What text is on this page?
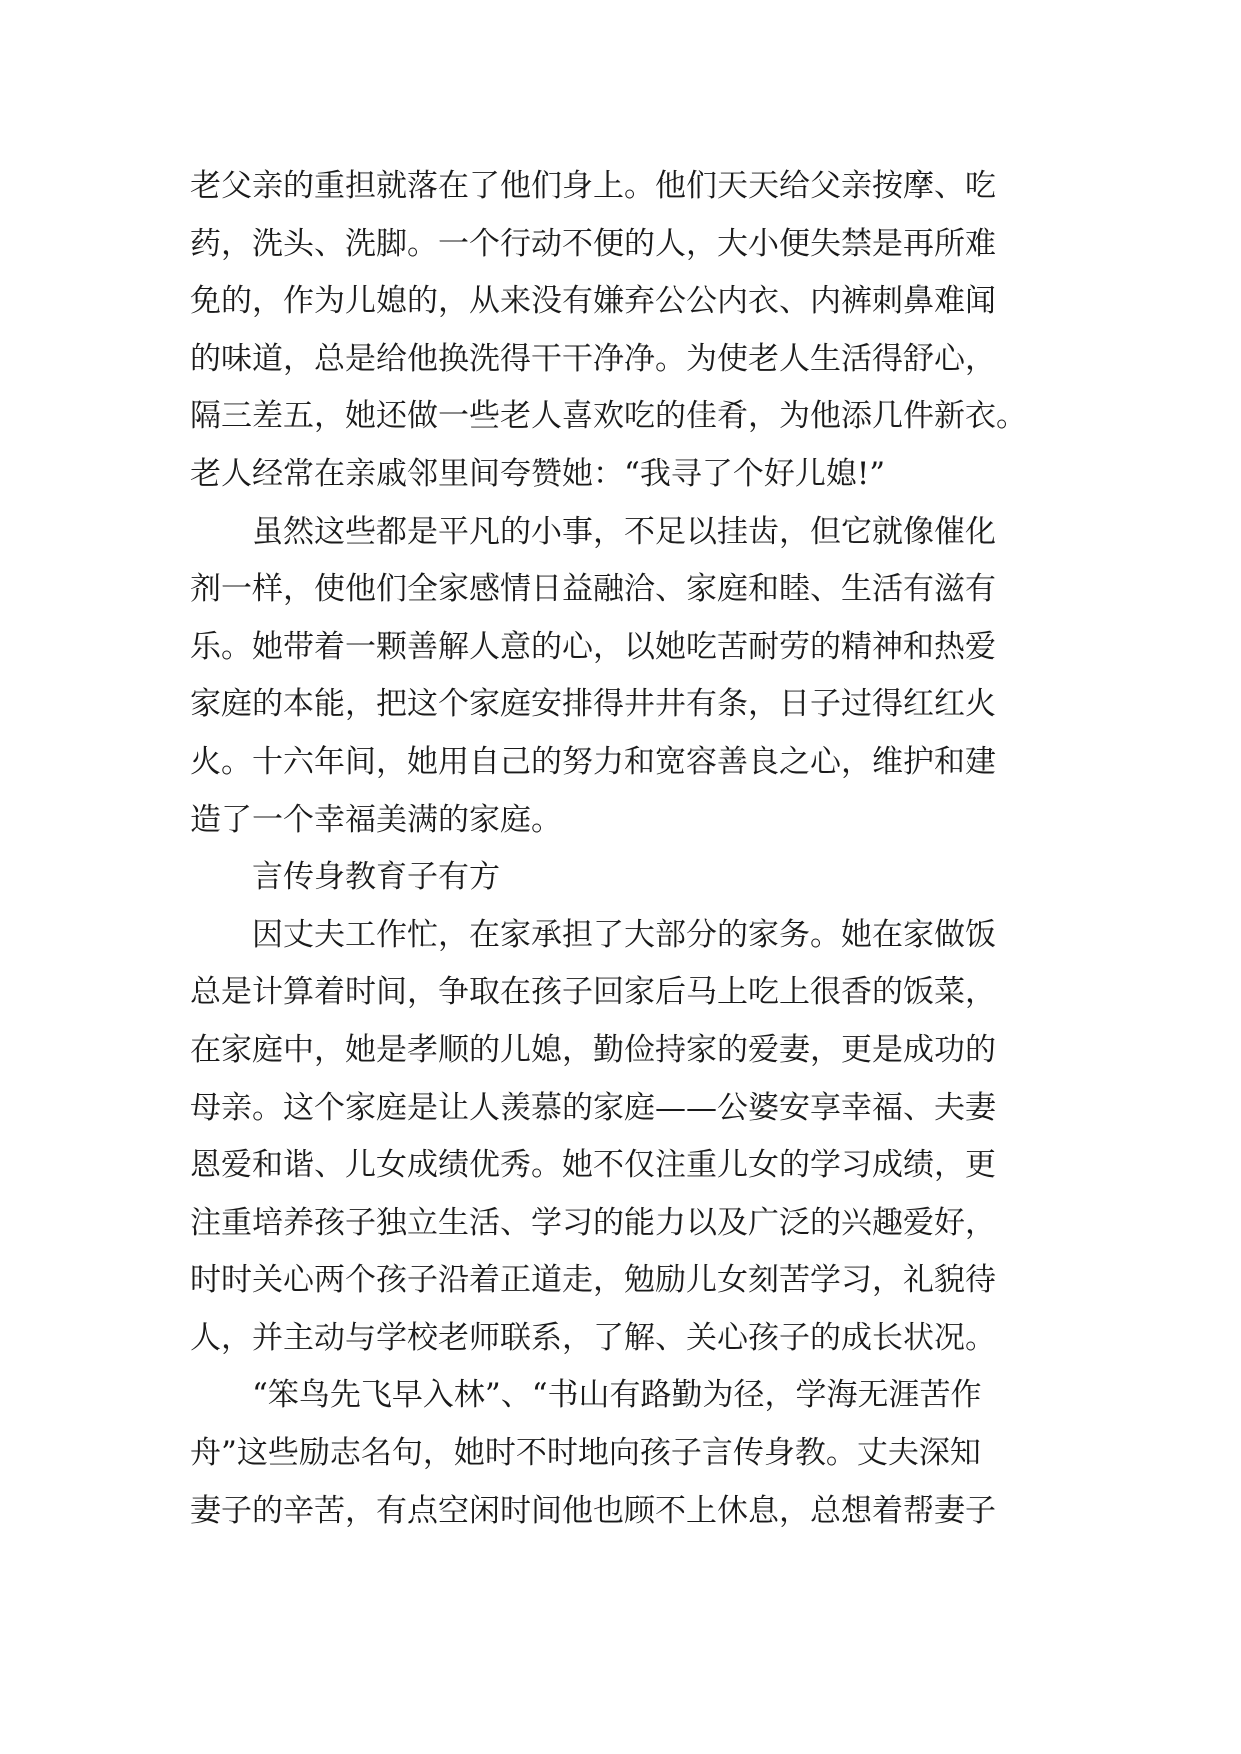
老父亲的重担就落在了他们身上。他们天天给父亲按摩、吃
药，洗头、洗脚。一个行动不便的人，大小便失禁是再所难
免的，作为儿媳的，从来没有嫌弃公公内衣、内裤刺鼻难闻
的味道，总是给他换洗得干干净净。为使老人生活得舒心，
隔三差五，她还做一些老人喜欢吃的佳肴，为他添几件新衣。
老人经常在亲戚邻里间夸赞她：“我寻了个好儿媳!”
虽然这些都是平凡的小事，不足以挂齿，但它就像催化
剂一样，使他们全家感情日益融洽、家庭和睦、生活有滋有
乐。她带着一颗善解人意的心，以她吃苦耐劳的精神和热爱
家庭的本能，把这个家庭安排得井井有条，日子过得红红火
火。十六年间，她用自己的努力和宽容善良之心，维护和建
造了一个幸福美满的家庭。
言传身教育子有方
因丈夫工作忙，在家承担了大部分的家务。她在家做饭
总是计算着时间，争取在孩子回家后马上吃上很香的饭菜，
在家庭中，她是孝顺的儿媳，勤俭持家的爱妻，更是成功的
母亲。这个家庭是让人羡慕的家庭——公婆安享幸福、夫妻
恩爱和谐、儿女成绩优秀。她不仅注重儿女的学习成绩，更
注重培养孩子独立生活、学习的能力以及广泛的兴趣爱好，
时时关心两个孩子沿着正道走，勉励儿女刻苦学习，礼貌待
人，并主动与学校老师联系，了解、关心孩子的成长状况。
“笨鸟先飞早入林”、“书山有路勤为径，学海无涯苦作
舟”这些励志名句，她时不时地向孩子言传身教。丈夫深知
妻子的辛苦，有点空闲时间他也顾不上休息，总想着帮妻子
